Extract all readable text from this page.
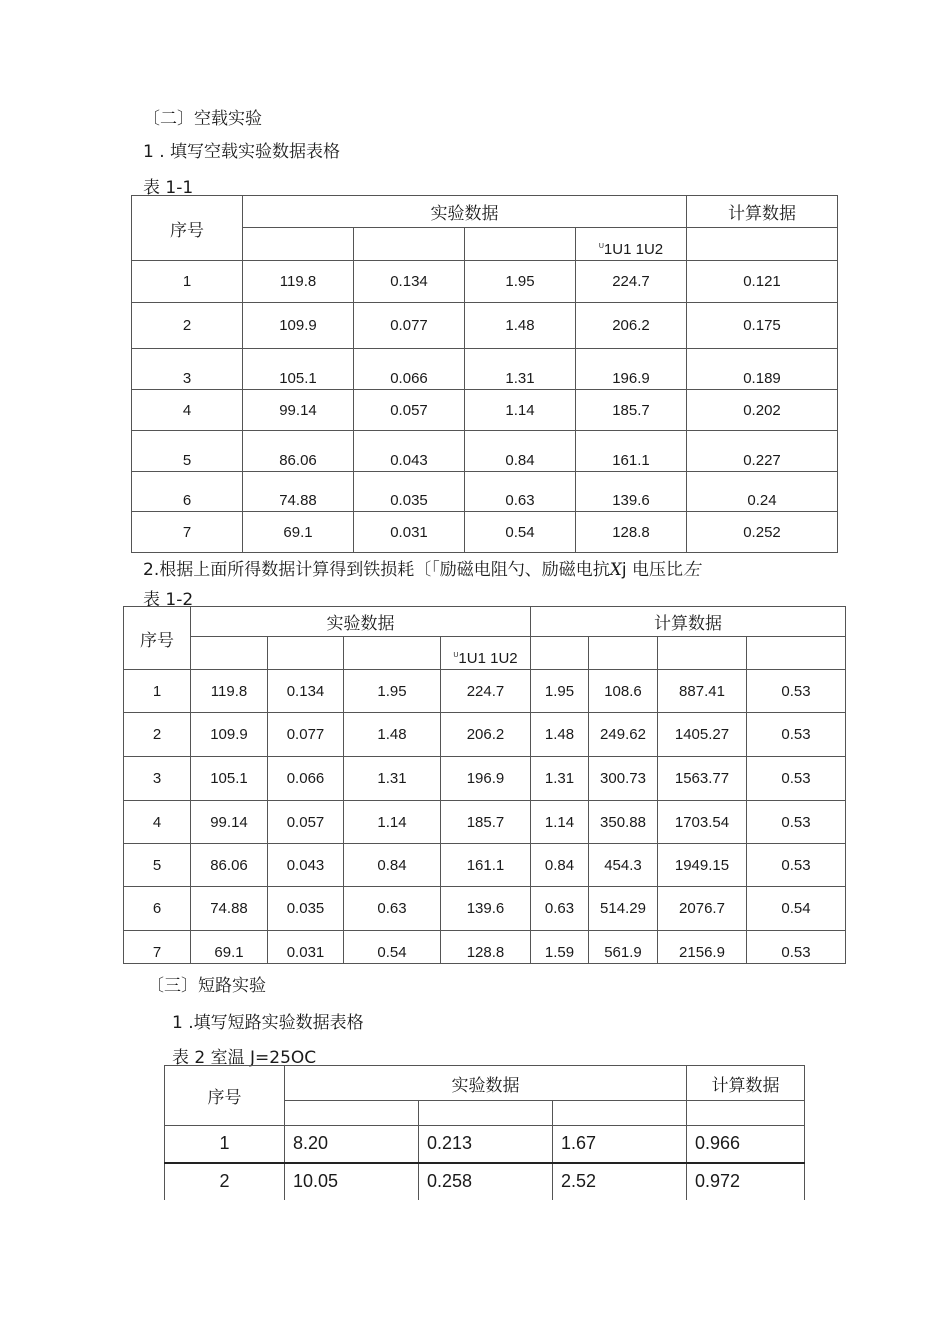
〔二〕空载实验
1 . 填写空载实验数据表格
表 1-1
序号	实验数据				计算数据
				$^U$1U1 1U2	
1	119.8	0.134	1.95	224.7	0.121
2	109.9	0.077	1.48	206.2	0.175
3	105.1	0.066	1.31	196.9	0.189
4	99.14	0.057	1.14	185.7	0.202
5	86.06	0.043	0.84	161.1	0.227
6	74.88	0.035	0.63	139.6	0.24
7	69.1	0.031	0.54	128.8	0.252
2.根据上面所得数据计算得到铁损耗〔「励磁电阻勺、励磁电抗Xj 电压比左
表 1-2
序号	实验数据				计算数据			
				$^U$1U1 1U2				
1	119.8	0.134	1.95	224.7	1.95	108.6	887.41	0.53
2	109.9	0.077	1.48	206.2	1.48	249.62	1405.27	0.53
3	105.1	0.066	1.31	196.9	1.31	300.73	1563.77	0.53
4	99.14	0.057	1.14	185.7	1.14	350.88	1703.54	0.53
5	86.06	0.043	0.84	161.1	0.84	454.3	1949.15	0.53
6	74.88	0.035	0.63	139.6	0.63	514.29	2076.7	0.54
7	69.1	0.031	0.54	128.8	1.59	561.9	2156.9	0.53
〔三〕短路实验
1 .填写短路实验数据表格
表 2 室温 J=25OC
序号	实验数据			计算数据

1	8.20	0.213	1.67	0.966
2	10.05	0.258	2.52	0.972
